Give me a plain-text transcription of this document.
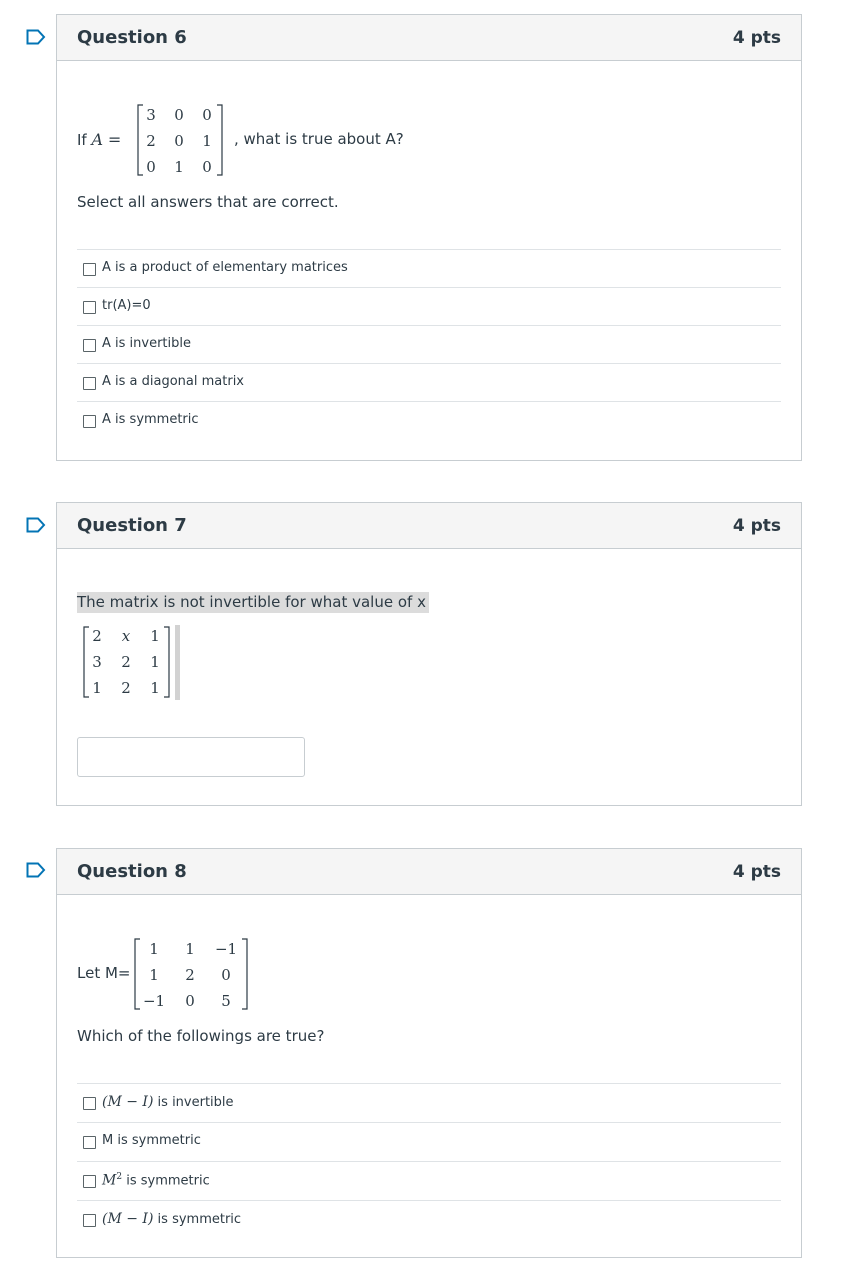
Question 6	4 pts
If A =
3	0	0
2	0	1
0	1	0
, what is true about A?
Select all answers that are correct.
A is a product of elementary matrices
tr(A)=0
A is invertible
A is a diagonal matrix
A is symmetric
Question 7	4 pts
The matrix is not invertible for what value of x
2	x	1
3	2	1
1	2	1
Question 8	4 pts
Let M=
1	1	−1
1	2	0
−1	0	5
Which of the followings are true?
(M − I) is invertible
M is symmetric
$M^2$ is symmetric
(M − I) is symmetric
